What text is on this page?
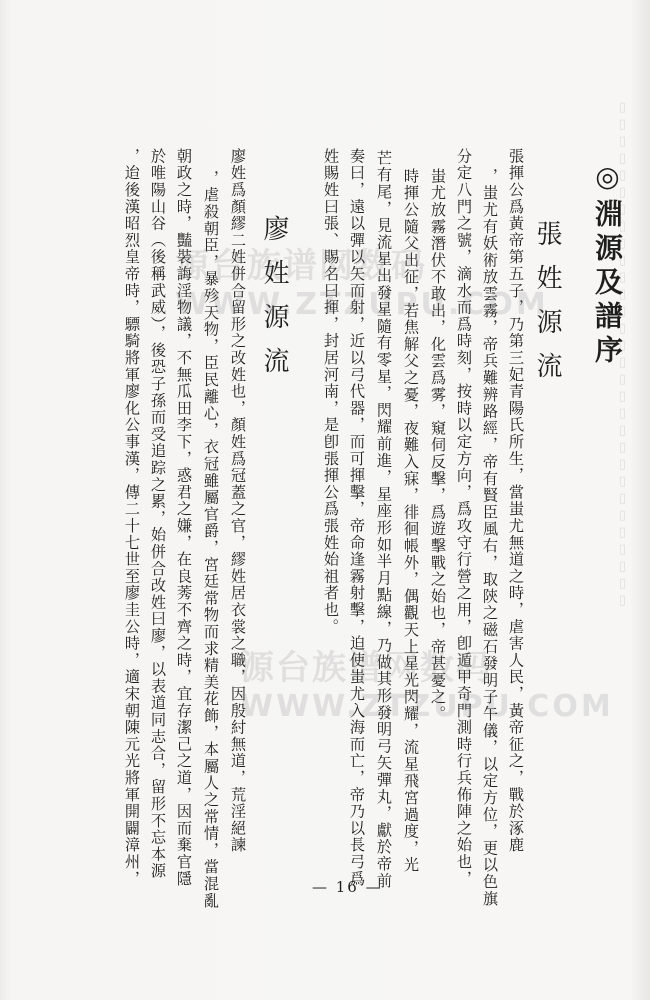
▯▯▯▯▯▯▯▯▯▯▯▯▯▯▯▯▯▯▯▯▯▯▯▯▯▯▯▯▯▯
◎淵源及譜序
張姓源流
張揮公爲黃帝第五子，乃第三妃青陽氏所生，當蚩尤無道之時，虐害人民，黃帝征之，戰於涿鹿
，蚩尤有妖術放雲霧，帝兵難辨路經，帝有賢臣風右，取陝之磁石發明子午儀，以定方位，更以色旗
分定八門之號，滴水而爲時刻，按時以定方向，爲攻守行營之用，卽遁甲奇門測時行兵佈陣之始也，
蚩尤放霧潛伏不敢出，化雲爲雾，窺伺反擊，爲遊擊戰之始也，帝甚憂之。
時揮公隨父出征，若焦解父之憂，夜難入寐，徘徊帳外，偶觀天上星光閃耀，流星飛宮過度，光
芒有尾，見流星出發星隨有零星，閃耀前進，星座形如半月點線，乃做其形發明弓矢彈丸，獻於帝前
奏曰，遠以彈以矢而射，近以弓代器，而可揮擊，帝命逢霧射擊，迫使蚩尤入海而亡，帝乃以長弓爲
姓賜姓曰張、賜名曰揮，封居河南，是卽張揮公爲張姓始祖者也。
廖姓源流
廖姓爲顏繆二姓併合留形之改姓也，顏姓爲冠蓋之官，繆姓居衣裳之職，因殷紂無道，荒淫絕諫
，虐殺朝臣，暴殄天物，臣民離心，衣冠雖屬官爵，宮廷常物而求精美花飾，本屬人之常情，當混亂
朝政之時，豔裝誨淫物議，不無瓜田李下，惑君之嫌，在良莠不齊之時，宜存潔己之道，因而棄官隱
於唯陽山谷（後稱武威），後恐子孫而受追踪之累，始併合改姓曰廖，以表道同志合，留形不忘本源
，迨後漢昭烈皇帝時，驃騎將軍廖化公事漢，傳二十七世至廖圭公時，適宋朝陳元光將軍開闢漳州， 源台族谱网数码
WWW.ZTZUPU.COM
源台族谱网数码
WWW.ZTZUPU.COM
— 16 —
